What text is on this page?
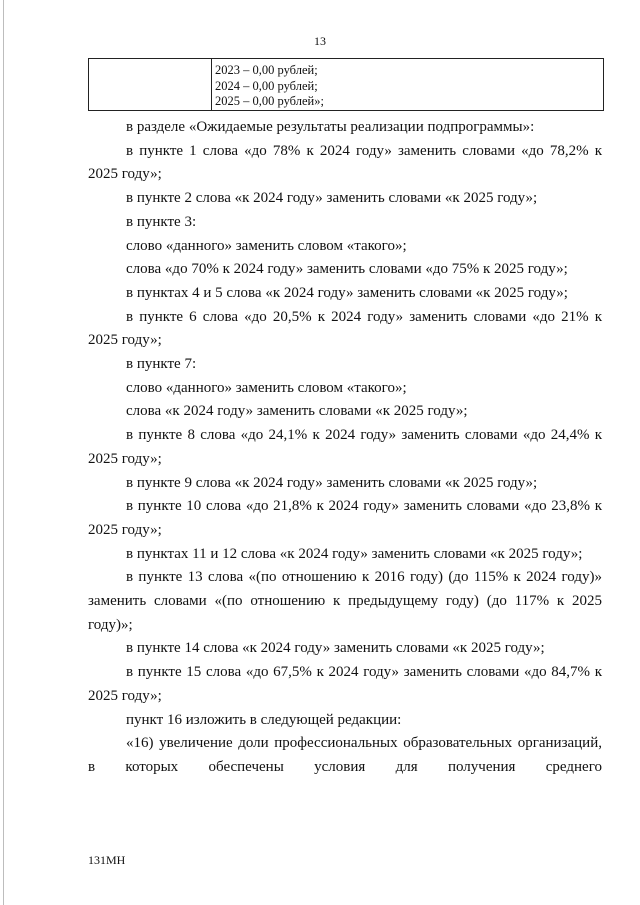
13
2023 – 0,00 рублей;
2024 – 0,00 рублей;
2025 – 0,00 рублей»;

в разделе «Ожидаемые результаты реализации подпрограммы»:

в пункте 1 слова «до 78% к 2024 году» заменить словами «до 78,2% к 2025 году»;

в пункте 2 слова «к 2024 году» заменить словами «к 2025 году»;

в пункте 3:

слово «данного» заменить словом «такого»;

слова «до 70% к 2024 году» заменить словами «до 75% к 2025 году»;

в пунктах 4 и 5 слова «к 2024 году» заменить словами «к 2025 году»;

в пункте 6 слова «до 20,5% к 2024 году» заменить словами «до 21% к 2025 году»;

в пункте 7:

слово «данного» заменить словом «такого»;

слова «к 2024 году» заменить словами «к 2025 году»;

в пункте 8 слова «до 24,1% к 2024 году» заменить словами «до 24,4% к 2025 году»;

в пункте 9 слова «к 2024 году» заменить словами «к 2025 году»;

в пункте 10 слова «до 21,8% к 2024 году» заменить словами «до 23,8% к 2025 году»;

в пунктах 11 и 12 слова «к 2024 году» заменить словами «к 2025 году»;

в пункте 13 слова «(по отношению к 2016 году) (до 115% к 2024 году)» заменить словами «(по отношению к предыдущему году) (до 117% к 2025 году)»;

в пункте 14 слова «к 2024 году» заменить словами «к 2025 году»;

в пункте 15 слова «до 67,5% к 2024 году» заменить словами «до 84,7% к 2025 году»;

пункт 16 изложить в следующей редакции:

«16) увеличение доли профессиональных образовательных организаций, в которых обеспечены условия для получения среднего

131МН
